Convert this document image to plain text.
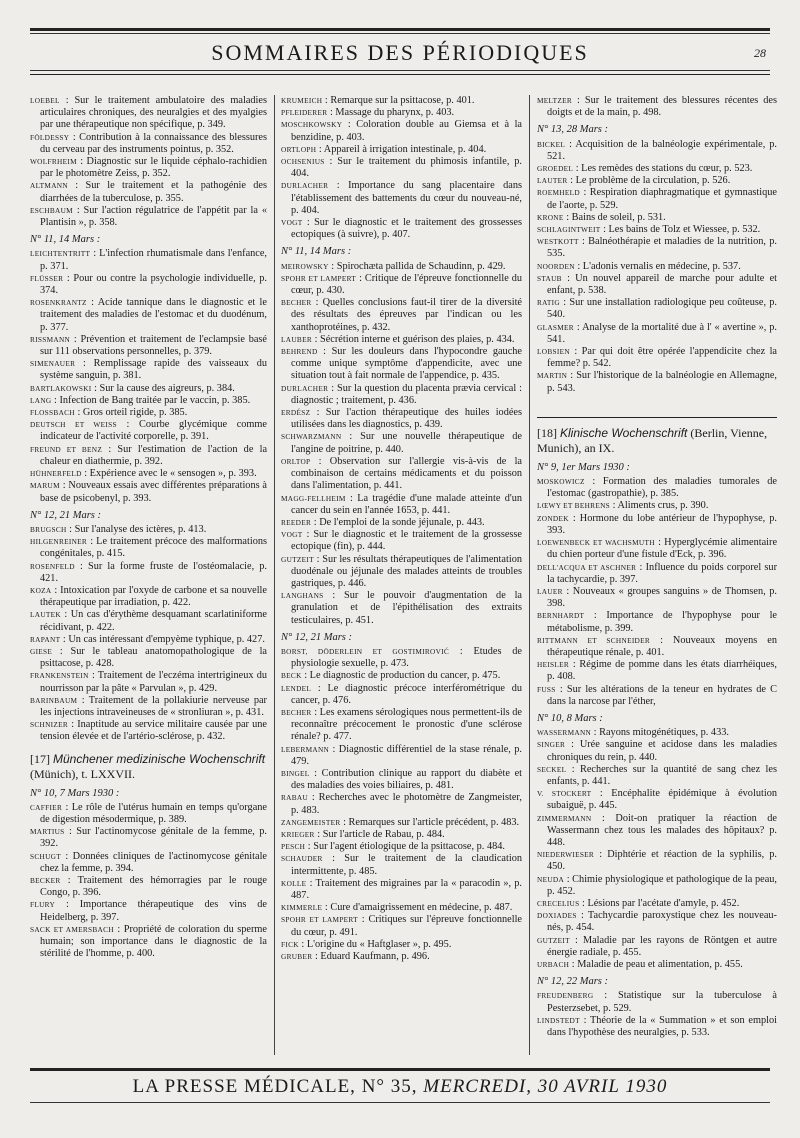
SOMMAIRES DES PÉRIODIQUES	28

LOEBEL : Sur le traitement ambulatoire des maladies articulaires chroniques, des neuralgies et des myalgies par une thérapeutique non spécifique, p. 349.

FÖLDESSY : Contribution à la connaissance des blessures du cerveau par des instruments pointus, p. 352.

WOLFRHEIM : Diagnostic sur le liquide céphalo-rachidien par le photomètre Zeiss, p. 352.

ALTMANN : Sur le traitement et la pathogénie des diarrhées de la tuberculose, p. 355.

ESCHBAUM : Sur l'action régulatrice de l'appétit par la « Plantisin », p. 358.

N° 11, 14 Mars :

LEICHTENTRITT : L'infection rhumatismale dans l'enfance, p. 371.

FLÜSSER : Pour ou contre la psychologie individuelle, p. 374.

ROSENKRANTZ : Acide tannique dans le diagnostic et le traitement des maladies de l'estomac et du duodénum, p. 377.

RISSMANN : Prévention et traitement de l'eclampsie basé sur 111 observations personnelles, p. 379.

SIMENAUER : Remplissage rapide des vaisseaux du système sanguin, p. 381.

BARTLAKOWSKI : Sur la cause des aigreurs, p. 384.

LANG : Infection de Bang traitée par le vaccin, p. 385.

FLOSSBACH : Gros orteil rigide, p. 385.

DEUTSCH ET WEISS : Courbe glycémique comme indicateur de l'activité corporelle, p. 391.

FREUND ET BENZ : Sur l'estimation de l'action de la chaleur en diathermie, p. 392.

HÜHNERFELD : Expérience avec le « sensogen », p. 393.

MARUM : Nouveaux essais avec différentes préparations à base de psicobenyl, p. 393.

N° 12, 21 Mars :

BRUGSCH : Sur l'analyse des ictères, p. 413.

HILGENREINER : Le traitement précoce des malformations congénitales, p. 415.

ROSENFELD : Sur la forme fruste de l'ostéomalacie, p. 421.

KOZA : Intoxication par l'oxyde de carbone et sa nouvelle thérapeutique par irradiation, p. 422.

LAUTEK : Un cas d'érythème desquamant scarlatiniforme récidivant, p. 422.

RAPANT : Un cas intéressant d'empyème typhique, p. 427.

GIESE : Sur le tableau anatomopathologique de la psittacose, p. 428.

FRANKENSTEIN : Traitement de l'eczéma intertrigineux du nourrisson par la pâte « Parvulan », p. 429.

BARINBAUM : Traitement de la pollakiurie nerveuse par les injections intraveineuses de « stronliuran », p. 431.

SCHNIZER : Inaptitude au service militaire causée par une tension élevée et de l'artério-sclérose, p. 432.

[17] Münchener medizinische Wochenschrift (Münich), t. LXXVII.
N° 10, 7 Mars 1930 :

CAFFIER : Le rôle de l'utérus humain en temps qu'organe de digestion mésodermique, p. 389.

MARTIUS : Sur l'actinomycose génitale de la femme, p. 392.

SCHUGT : Données cliniques de l'actinomycose génitale chez la femme, p. 394.

BECKER : Traitement des hémorragies par le rouge Congo, p. 396.

FLURY : Importance thérapeutique des vins de Heidelberg, p. 397.

SACK ET AMERSBACH : Propriété de coloration du sperme humain; son importance dans le diagnostic de la stérilité de l'homme, p. 400.

KRUMEICH : Remarque sur la psittacose, p. 401.

PFLEIDERER : Massage du pharynx, p. 403.

MOSCHKOWSKY : Coloration double au Giemsa et à la benzidine, p. 403.

ORTLOPH : Appareil à irrigation intestinale, p. 404.

OCHSENIUS : Sur le traitement du phimosis infantile, p. 404.

DURLACHER : Importance du sang placentaire dans l'établissement des battements du cœur du nouveau-né, p. 404.

VOGT : Sur le diagnostic et le traitement des grossesses ectopiques (à suivre), p. 407.

N° 11, 14 Mars :

MEIROWSKY : Spirochæta pallida de Schaudinn, p. 429.

SPOHR ET LAMPERT : Critique de l'épreuve fonctionnelle du cœur, p. 430.

BECHER : Quelles conclusions faut-il tirer de la diversité des résultats des épreuves par l'indican ou les xanthoprotéines, p. 432.

LAUBER : Sécrétion interne et guérison des plaies, p. 434.

BEHREND : Sur les douleurs dans l'hypocondre gauche comme unique symptôme d'appendicite, avec une situation tout à fait normale de l'appendice, p. 435.

DURLACHER : Sur la question du placenta prævia cervical : diagnostic ; traitement, p. 436.

ERDÉSZ : Sur l'action thérapeutique des huiles iodées utilisées dans les diagnostics, p. 439.

SCHWARZMANN : Sur une nouvelle thérapeutique de l'angine de poitrine, p. 440.

ORLTOP : Observation sur l'allergie vis-à-vis de la combinaison de certains médicaments et du poisson dans l'alimentation, p. 441.

MAGG-FELLHEIM : La tragédie d'une malade atteinte d'un cancer du sein en l'année 1653, p. 441.

REEDER : De l'emploi de la sonde jéjunale, p. 443.

VOGT : Sur le diagnostic et le traitement de la grossesse ectopique (fin), p. 444.

GUTZEIT : Sur les résultats thérapeutiques de l'alimentation duodénale ou jéjunale des malades atteints de troubles gastriques, p. 446.

LANGHANS : Sur le pouvoir d'augmentation de la granulation et de l'épithélisation des extraits testiculaires, p. 451.

N° 12, 21 Mars :

BORST, DÖDERLEIN ET GOSTIMIROVIĆ : Etudes de physiologie sexuelle, p. 473.

BECK : Le diagnostic de production du cancer, p. 475.

LENDEL : Le diagnostic précoce interférométrique du cancer, p. 476.

BECHER : Les examens sérologiques nous permettent-ils de reconnaître précocement le pronostic d'une sclérose rénale? p. 477.

LEBERMANN : Diagnostic différentiel de la stase rénale, p. 479.

BINGEL : Contribution clinique au rapport du diabète et des maladies des voies biliaires, p. 481.

RABAU : Recherches avec le photomètre de Zangmeister, p. 483.

ZANGEMEISTER : Remarques sur l'article précédent, p. 483.

KRIEGER : Sur l'article de Rabau, p. 484.

PESCH : Sur l'agent étiologique de la psittacose, p. 484.

SCHAUDER : Sur le traitement de la claudication intermittente, p. 485.

KOLLE : Traitement des migraines par la « paracodin », p. 487.

KIMMERLE : Cure d'amaigrissement en médecine, p. 487.

SPOHR ET LAMPERT : Critiques sur l'épreuve fonctionnelle du cœur, p. 491.

FICK : L'origine du « Haftglaser », p. 495.

GRUBER : Eduard Kaufmann, p. 496.

MELTZER : Sur le traitement des blessures récentes des doigts et de la main, p. 498.

N° 13, 28 Mars :

BICKEL : Acquisition de la balnéologie expérimentale, p. 521.

GROEDEL : Les remèdes des stations du cœur, p. 523.

LAUTER : Le problème de la circulation, p. 526.

ROEMHELD : Respiration diaphragmatique et gymnastique de l'aorte, p. 529.

KRONE : Bains de soleil, p. 531.

SCHLAGINTWEIT : Les bains de Tolz et Wiessee, p. 532.

WESTKOTT : Balnéothérapie et maladies de la nutrition, p. 535.

NOORDEN : L'adonis vernalis en médecine, p. 537.

STAUB : Un nouvel appareil de marche pour adulte et enfant, p. 538.

RATIG : Sur une installation radiologique peu coûteuse, p. 540.

GLASMER : Analyse de la mortalité due à l' « avertine », p. 541.

LOBSIEN : Par qui doit être opérée l'appendicite chez la femme? p. 542.

MARTIN : Sur l'historique de la balnéologie en Allemagne, p. 543.

[18] Klinische Wochenschrift (Berlin, Vienne, Munich), an IX.
N° 9, 1er Mars 1930 :

MOSKOWICZ : Formation des maladies tumorales de l'estomac (gastropathie), p. 385.

LŒWY ET BEHRENS : Aliments crus, p. 390.

ZONDEK : Hormone du lobe antérieur de l'hypophyse, p. 393.

LOEWENBECK ET WACHSMUTH : Hyperglycémie alimentaire du chien porteur d'une fistule d'Eck, p. 396.

DELL'ACQUA ET ASCHNER : Influence du poids corporel sur la tachycardie, p. 397.

LAUER : Nouveaux « groupes sanguins » de Thomsen, p. 398.

BERNHARDT : Importance de l'hypophyse pour le métabolisme, p. 399.

RITTMANN ET SCHNEIDER : Nouveaux moyens en thérapeutique rénale, p. 401.

HEISLER : Régime de pomme dans les états diarrhéiques, p. 408.

FUSS : Sur les altérations de la teneur en hydrates de C dans la narcose par l'éther,

N° 10, 8 Mars :

WASSERMANN : Rayons mitogénétiques, p. 433.

SINGER : Urée sanguine et acidose dans les maladies chroniques du rein, p. 440.

SECKEL : Recherches sur la quantité de sang chez les enfants, p. 441.

V. STOCKERT : Encéphalite épidémique à évolution subaiguë, p. 445.

ZIMMERMANN : Doit-on pratiquer la réaction de Wassermann chez tous les malades des hôpitaux? p. 448.

NIEDERWIESER : Diphtérie et réaction de la syphilis, p. 450.

NEUDA : Chimie physiologique et pathologique de la peau, p. 452.

CRECELIUS : Lésions par l'acétate d'amyle, p. 452.

DOXIADES : Tachycardie paroxystique chez les nouveau-nés, p. 454.

GUTZEIT : Maladie par les rayons de Röntgen et autre énergie radiale, p. 455.

URBACH : Maladie de peau et alimentation, p. 455.

N° 12, 22 Mars :

FREUDENBERG : Statistique sur la tuberculose à Pesterzsebet, p. 529.

LINDSTEDT : Théorie de la « Summation » et son emploi dans l'hypothèse des neuralgies, p. 533.

LA PRESSE MÉDICALE, N° 35, MERCREDI, 30 AVRIL 1930
